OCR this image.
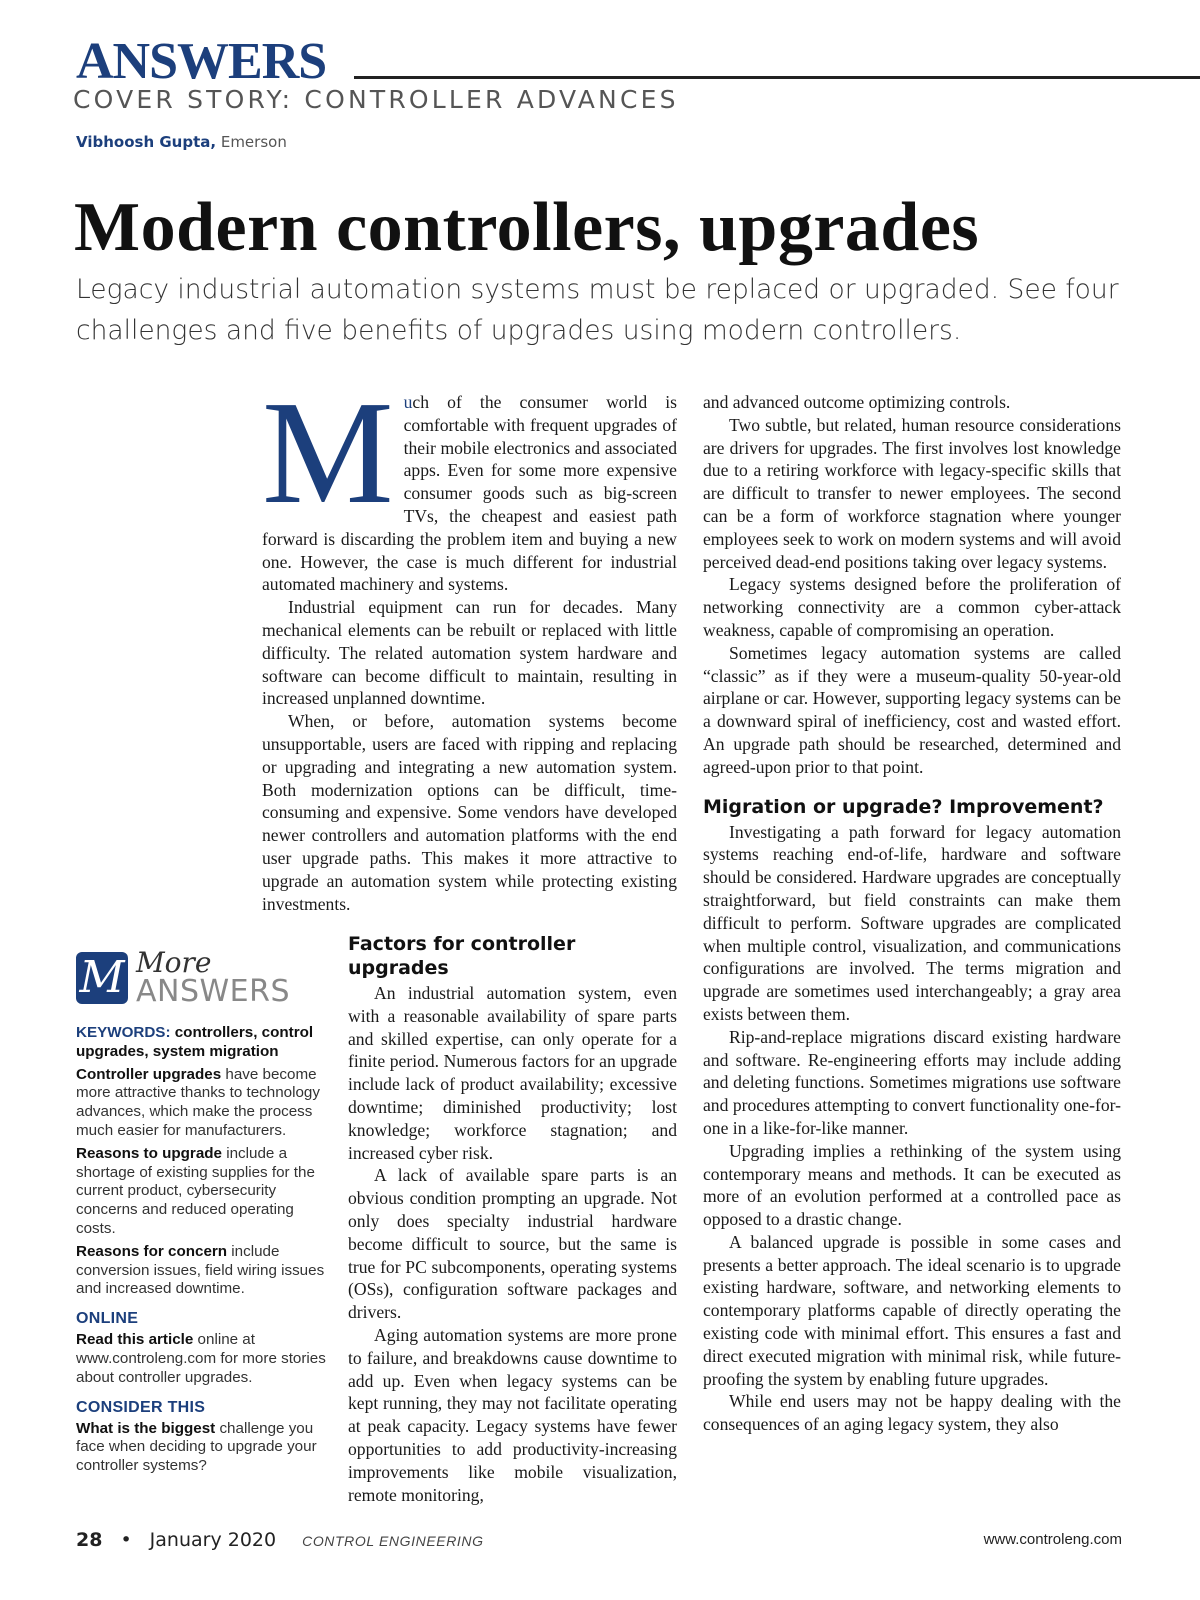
ANSWERS
COVER STORY: CONTROLLER ADVANCES
Vibhoosh Gupta, Emerson
Modern controllers, upgrades

Legacy industrial automation systems must be replaced or upgraded. See four challenges and five benefits of upgrades using modern controllers.

Much of the consumer world is comfortable with frequent upgrades of their mobile electronics and associated apps. Even for some more expensive consumer goods such as big-screen TVs, the cheapest and easiest path forward is discarding the problem item and buying a new one. However, the case is much different for industrial automated machinery and systems.

Industrial equipment can run for decades. Many mechanical elements can be rebuilt or replaced with little difficulty. The related automation system hardware and software can become difficult to maintain, resulting in increased unplanned downtime.

When, or before, automation systems become unsupportable, users are faced with ripping and replacing or upgrading and integrating a new automation system. Both modernization options can be difficult, time-consuming and expensive. Some vendors have developed newer controllers and automation platforms with the end user upgrade paths. This makes it more attractive to upgrade an automation system while protecting existing investments.

Factors for controller upgrades

An industrial automation system, even with a reasonable availability of spare parts and skilled expertise, can only operate for a finite period. Numerous factors for an upgrade include lack of product availability; excessive downtime; diminished productivity; lost knowledge; workforce stagnation; and increased cyber risk.

A lack of available spare parts is an obvious condition prompting an upgrade. Not only does specialty industrial hardware become difficult to source, but the same is true for PC subcomponents, operating systems (OSs), configuration software packages and drivers.

Aging automation systems are more prone to failure, and breakdowns cause downtime to add up. Even when legacy systems can be kept running, they may not facilitate operating at peak capacity. Legacy systems have fewer opportunities to add productivity-increasing improvements like mobile visualization, remote monitoring,

and advanced outcome optimizing controls.

Two subtle, but related, human resource considerations are drivers for upgrades. The first involves lost knowledge due to a retiring workforce with legacy-specific skills that are difficult to transfer to newer employees. The second can be a form of workforce stagnation where younger employees seek to work on modern systems and will avoid perceived dead-end positions taking over legacy systems.

Legacy systems designed before the proliferation of networking connectivity are a common cyber-attack weakness, capable of compromising an operation.

Sometimes legacy automation systems are called “classic” as if they were a museum-quality 50-year-old airplane or car. However, supporting legacy systems can be a downward spiral of inefficiency, cost and wasted effort. An upgrade path should be researched, determined and agreed-upon prior to that point.

Migration or upgrade? Improvement?

Investigating a path forward for legacy automation systems reaching end-of-life, hardware and software should be considered. Hardware upgrades are conceptually straightforward, but field constraints can make them difficult to perform. Software upgrades are complicated when multiple control, visualization, and communications configurations are involved. The terms migration and upgrade are sometimes used interchangeably; a gray area exists between them.

Rip-and-replace migrations discard existing hardware and software. Re-engineering efforts may include adding and deleting functions. Sometimes migrations use software and procedures attempting to convert functionality one-for-one in a like-for-like manner.

Upgrading implies a rethinking of the system using contemporary means and methods. It can be executed as more of an evolution performed at a controlled pace as opposed to a drastic change.

A balanced upgrade is possible in some cases and presents a better approach. The ideal scenario is to upgrade existing hardware, software, and networking elements to contemporary platforms capable of directly operating the existing code with minimal effort. This ensures a fast and direct executed migration with minimal risk, while future-proofing the system by enabling future upgrades.

While end users may not be happy dealing with the consequences of an aging legacy system, they also

M More
ANSWERS

KEYWORDS: controllers, control upgrades, system migration

Controller upgrades have become more attractive thanks to technology advances, which make the process much easier for manufacturers.

Reasons to upgrade include a shortage of existing supplies for the current product, cybersecurity concerns and reduced operating costs.

Reasons for concern include conversion issues, field wiring issues and increased downtime.

ONLINE

Read this article online at www.controleng.com for more stories about controller upgrades.

CONSIDER THIS

What is the biggest challenge you face when deciding to upgrade your controller systems?

28 • January 2020 CONTROL ENGINEERING	www.controleng.com
